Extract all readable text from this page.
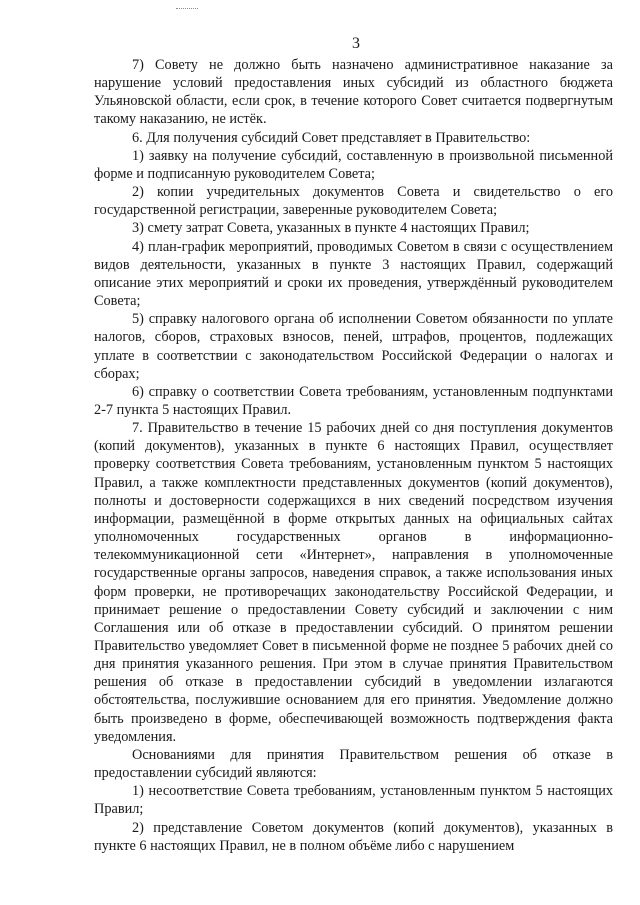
3

7) Совету не должно быть назначено административное наказание за нарушение условий предоставления иных субсидий из областного бюджета Ульяновской области, если срок, в течение которого Совет считается подвергнутым такому наказанию, не истёк.

6. Для получения субсидий Совет представляет в Правительство:

1) заявку на получение субсидий, составленную в произвольной письменной форме и подписанную руководителем Совета;

2) копии учредительных документов Совета и свидетельство о его государственной регистрации, заверенные руководителем Совета;

3) смету затрат Совета, указанных в пункте 4 настоящих Правил;

4) план-график мероприятий, проводимых Советом в связи с осуществлением видов деятельности, указанных в пункте 3 настоящих Правил, содержащий описание этих мероприятий и сроки их проведения, утверждённый руководителем Совета;

5) справку налогового органа об исполнении Советом обязанности по уплате налогов, сборов, страховых взносов, пеней, штрафов, процентов, подлежащих уплате в соответствии с законодательством Российской Федерации о налогах и сборах;

6) справку о соответствии Совета требованиям, установленным подпунктами 2-7 пункта 5 настоящих Правил.

7. Правительство в течение 15 рабочих дней со дня поступления документов (копий документов), указанных в пункте 6 настоящих Правил, осуществляет проверку соответствия Совета требованиям, установленным пунктом 5 настоящих Правил, а также комплектности представленных документов (копий документов), полноты и достоверности содержащихся в них сведений посредством изучения информации, размещённой в форме открытых данных на официальных сайтах уполномоченных государственных органов в информационно-телекоммуникационной сети «Интернет», направления в уполномоченные государственные органы запросов, наведения справок, а также использования иных форм проверки, не противоречащих законодательству Российской Федерации, и принимает решение о предоставлении Совету субсидий и заключении с ним Соглашения или об отказе в предоставлении субсидий. О принятом решении Правительство уведомляет Совет в письменной форме не позднее 5 рабочих дней со дня принятия указанного решения. При этом в случае принятия Правительством решения об отказе в предоставлении субсидий в уведомлении излагаются обстоятельства, послужившие основанием для его принятия. Уведомление должно быть произведено в форме, обеспечивающей возможность подтверждения факта уведомления.

Основаниями для принятия Правительством решения об отказе в предоставлении субсидий являются:

1) несоответствие Совета требованиям, установленным пунктом 5 настоящих Правил;

2) представление Советом документов (копий документов), указанных в пункте 6 настоящих Правил, не в полном объёме либо с нарушением
